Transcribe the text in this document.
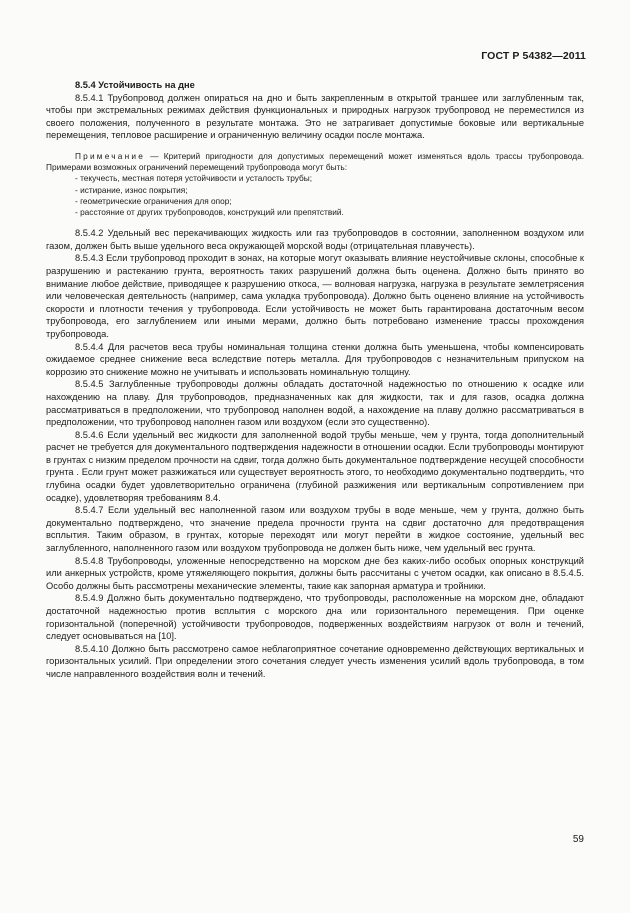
ГОСТ Р 54382—2011

8.5.4 Устойчивость на дне

8.5.4.1 Трубопровод должен опираться на дно и быть закрепленным в открытой траншее или заглубленным так, чтобы при экстремальных режимах действия функциональных и природных нагрузок трубопровод не переместился из своего положения, полученного в результате монтажа. Это не затрагивает допустимые боковые или вертикальные перемещения, тепловое расширение и ограниченную величину осадки после монтажа.

Примечание — Критерий пригодности для допустимых перемещений может изменяться вдоль трассы трубопровода. Примерами возможных ограничений перемещений трубопровода могут быть:

- текучесть, местная потеря устойчивости и усталость трубы;
- истирание, износ покрытия;
- геометрические ограничения для опор;
- расстояние от других трубопроводов, конструкций или препятствий.

8.5.4.2 Удельный вес перекачивающих жидкость или газ трубопроводов в состоянии, заполненном воздухом или газом, должен быть выше удельного веса окружающей морской воды (отрицательная плавучесть).

8.5.4.3 Если трубопровод проходит в зонах, на которые могут оказывать влияние неустойчивые склоны, способные к разрушению и растеканию грунта, вероятность таких разрушений должна быть оценена. Должно быть принято во внимание любое действие, приводящее к разрушению откоса, — волновая нагрузка, нагрузка в результате землетрясения или человеческая деятельность (например, сама укладка трубопровода). Должно быть оценено влияние на устойчивость скорости и плотности течения у трубопровода. Если устойчивость не может быть гарантирована достаточным весом трубопровода, его заглублением или иными мерами, должно быть потребовано изменение трассы прохождения трубопровода.

8.5.4.4 Для расчетов веса трубы номинальная толщина стенки должна быть уменьшена, чтобы компенсировать ожидаемое среднее снижение веса вследствие потерь металла. Для трубопроводов с незначительным припуском на коррозию это снижение можно не учитывать и использовать номинальную толщину.

8.5.4.5 Заглубленные трубопроводы должны обладать достаточной надежностью по отношению к осадке или нахождению на плаву. Для трубопроводов, предназначенных как для жидкости, так и для газов, осадка должна рассматриваться в предположении, что трубопровод наполнен водой, а нахождение на плаву должно рассматриваться в предположении, что трубопровод наполнен газом или воздухом (если это существенно).

8.5.4.6 Если удельный вес жидкости для заполненной водой трубы меньше, чем у грунта, тогда дополнительный расчет не требуется для документального подтверждения надежности в отношении осадки. Если трубопроводы монтируют в грунтах с низким пределом прочности на сдвиг, тогда должно быть документальное подтверждение несущей способности грунта . Если грунт может разжижаться или существует вероятность этого, то необходимо документально подтвердить, что глубина осадки будет удовлетворительно ограничена (глубиной разжижения или вертикальным сопротивлением при осадке), удовлетворяя требованиям 8.4.

8.5.4.7 Если удельный вес наполненной газом или воздухом трубы в воде меньше, чем у грунта, должно быть документально подтверждено, что значение предела прочности грунта на сдвиг достаточно для предотвращения всплытия. Таким образом, в грунтах, которые переходят или могут перейти в жидкое состояние, удельный вес заглубленного, наполненного газом или воздухом трубопровода не должен быть ниже, чем удельный вес грунта.

8.5.4.8 Трубопроводы, уложенные непосредственно на морском дне без каких-либо особых опорных конструкций или анкерных устройств, кроме утяжеляющего покрытия, должны быть рассчитаны с учетом осадки, как описано в 8.5.4.5. Особо должны быть рассмотрены механические элементы, такие как запорная арматура и тройники.

8.5.4.9 Должно быть документально подтверждено, что трубопроводы, расположенные на морском дне, обладают достаточной надежностью против всплытия с морского дна или горизонтального перемещения. При оценке горизонтальной (поперечной) устойчивости трубопроводов, подверженных воздействиям нагрузок от волн и течений, следует основываться на [10].

8.5.4.10 Должно быть рассмотрено самое неблагоприятное сочетание одновременно действующих вертикальных и горизонтальных усилий. При определении этого сочетания следует учесть изменения усилий вдоль трубопровода, в том числе направленного воздействия волн и течений.

59
